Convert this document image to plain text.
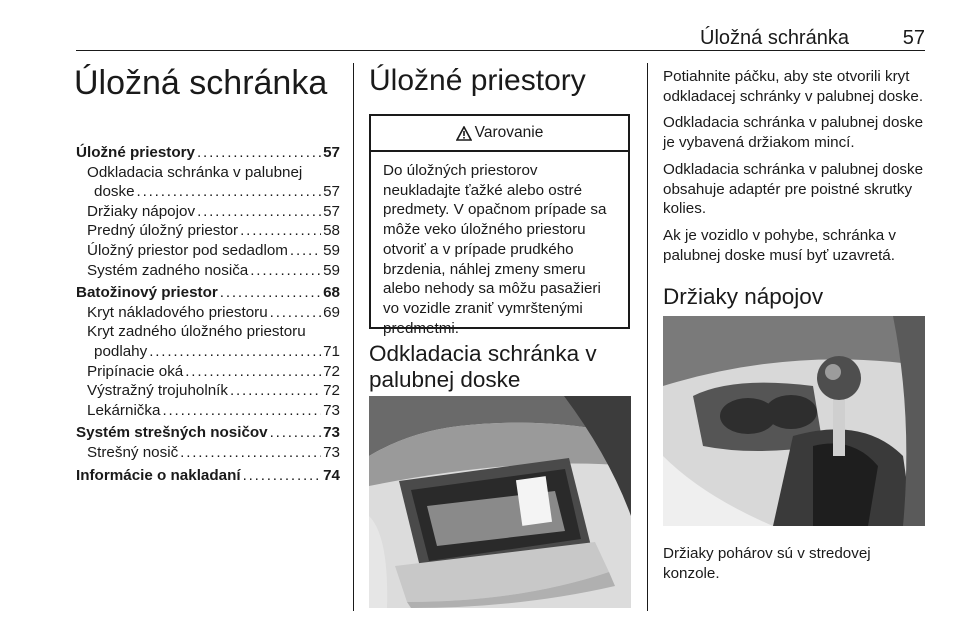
Úložná schránka	57
Úložná schránka
Úložné priestory . . .	57
Odkladacia schránka v palubnej
doske . . .	57
Držiaky nápojov . . .	57
Predný úložný priestor . . .	58
Úložný priestor pod sedadlom . . . 59
Systém zadného nosiča . . .	59
Batožinový priestor . . .	68
Kryt nákladového priestoru . . .	69
Kryt zadného úložného priestoru
podlahy . . .	71
Pripínacie oká . . .	72
Výstražný trojuholník . . .	72
Lekárnička . . .	73
Systém strešných nosičov . . .	73
Strešný nosič . . .	73
Informácie o nakladaní . . .	74
Úložné priestory
Varovanie
Do úložných priestorov neukladajte ťažké alebo ostré predmety. V opačnom prípade sa môže veko úložného priestoru otvoriť a v prípade prudkého brzdenia, náhlej zmeny smeru alebo nehody sa môžu pasažieri vo vozidle zraniť vymrštenými predmetmi.
Odkladacia schránka v palubnej doske

Potiahnite páčku, aby ste otvorili kryt odkladacej schránky v palubnej doske.

Odkladacia schránka v palubnej doske je vybavená držiakom mincí.

Odkladacia schránka v palubnej doske obsahuje adaptér pre poistné skrutky kolies.

Ak je vozidlo v pohybe, schránka v palubnej doske musí byť uzavretá.

Držiaky nápojov
Držiaky pohárov sú v stredovej konzole.
